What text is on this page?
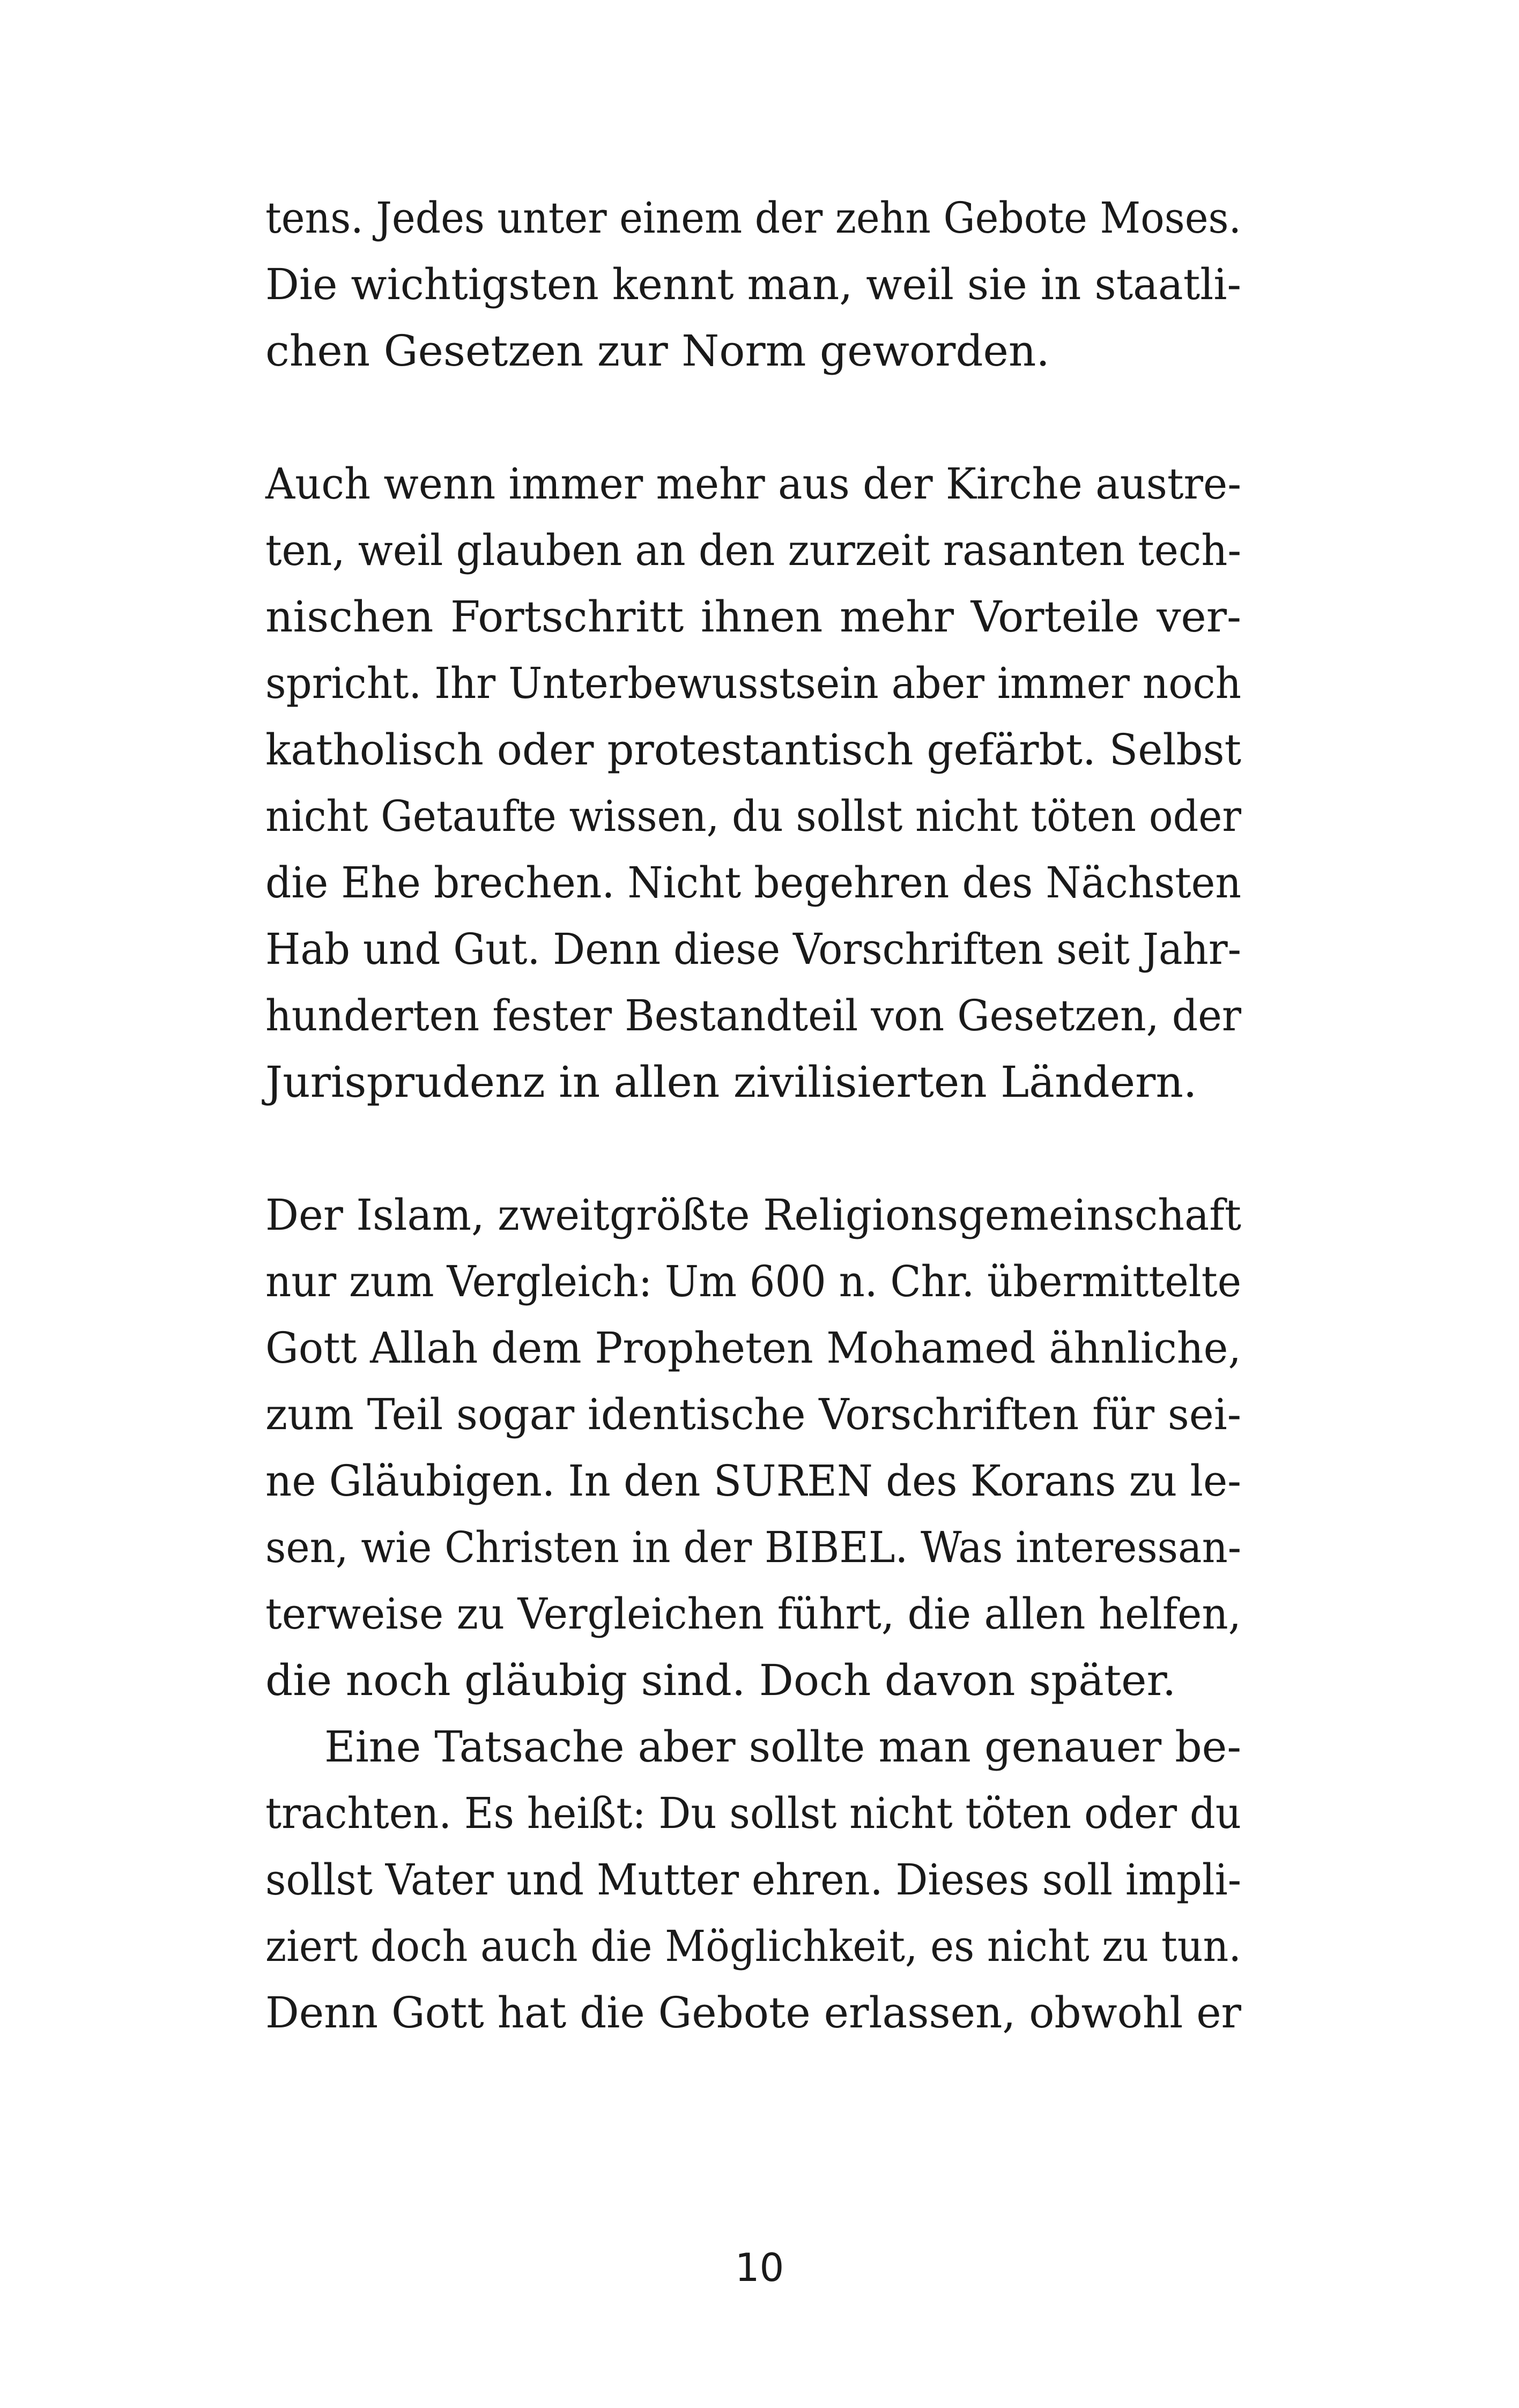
tens. Jedes unter einem der zehn Gebote Moses.
Die wichtigsten kennt man, weil sie in staatli-
chen Gesetzen zur Norm geworden.

Auch wenn immer mehr aus der Kirche austre-
ten, weil glauben an den zurzeit rasanten tech-
nischen Fortschritt ihnen mehr Vorteile ver-
spricht. Ihr Unterbewusstsein aber immer noch
katholisch oder protestantisch gefärbt. Selbst
nicht Getaufte wissen, du sollst nicht töten oder
die Ehe brechen. Nicht begehren des Nächsten
Hab und Gut. Denn diese Vorschriften seit Jahr-
hunderten fester Bestandteil von Gesetzen, der
Jurisprudenz in allen zivilisierten Ländern.

Der Islam, zweitgrößte Religionsgemeinschaft
nur zum Vergleich: Um 600 n. Chr. übermittelte
Gott Allah dem Propheten Mohamed ähnliche,
zum Teil sogar identische Vorschriften für sei-
ne Gläubigen. In den SUREN des Korans zu le-
sen, wie Christen in der BIBEL. Was interessan-
terweise zu Vergleichen führt, die allen helfen,
die noch gläubig sind. Doch davon später.

Eine Tatsache aber sollte man genauer be-
trachten. Es heißt: Du sollst nicht töten oder du
sollst Vater und Mutter ehren. Dieses soll impli-
ziert doch auch die Möglichkeit, es nicht zu tun.
Denn Gott hat die Gebote erlassen, obwohl er

10
